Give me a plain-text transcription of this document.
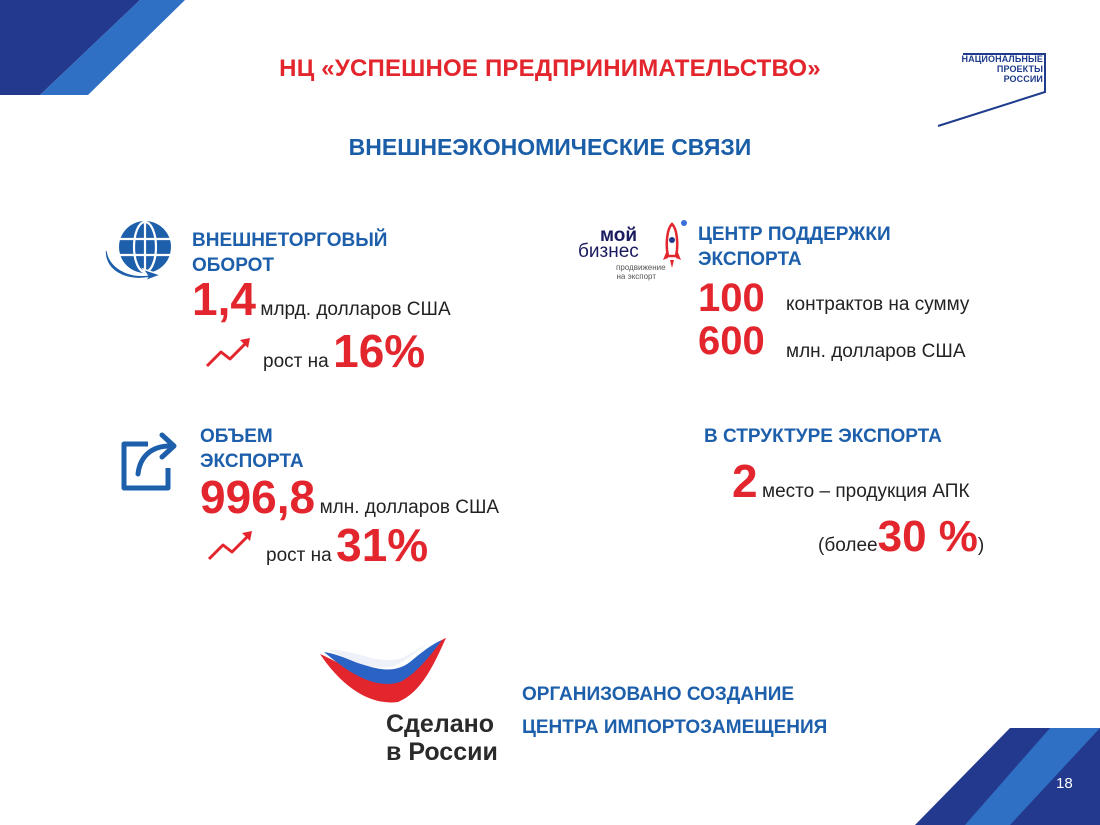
НЦ «УСПЕШНОЕ ПРЕДПРИНИМАТЕЛЬСТВО»
ВНЕШНЕЭКОНОМИЧЕСКИЕ СВЯЗИ
НАЦИОНАЛЬНЫЕ
ПРОЕКТЫ
РОССИИ
ВНЕШНЕТОРГОВЫЙ
ОБОРОТ
1,4 млрд. долларов США
рост на 16%
мой
бизнес
продвижение
на экспорт
ЦЕНТР ПОДДЕРЖКИ
ЭКСПОРТА
100 контрактов на сумму
600 млн. долларов США
ОБЪЕМ
ЭКСПОРТА
996,8 млн. долларов США
рост на 31%
В СТРУКТУРЕ ЭКСПОРТА
2 место – продукция АПК
(более30 %)
Сделано
в России
ОРГАНИЗОВАНО СОЗДАНИЕ
ЦЕНТРА ИМПОРТОЗАМЕЩЕНИЯ
18
